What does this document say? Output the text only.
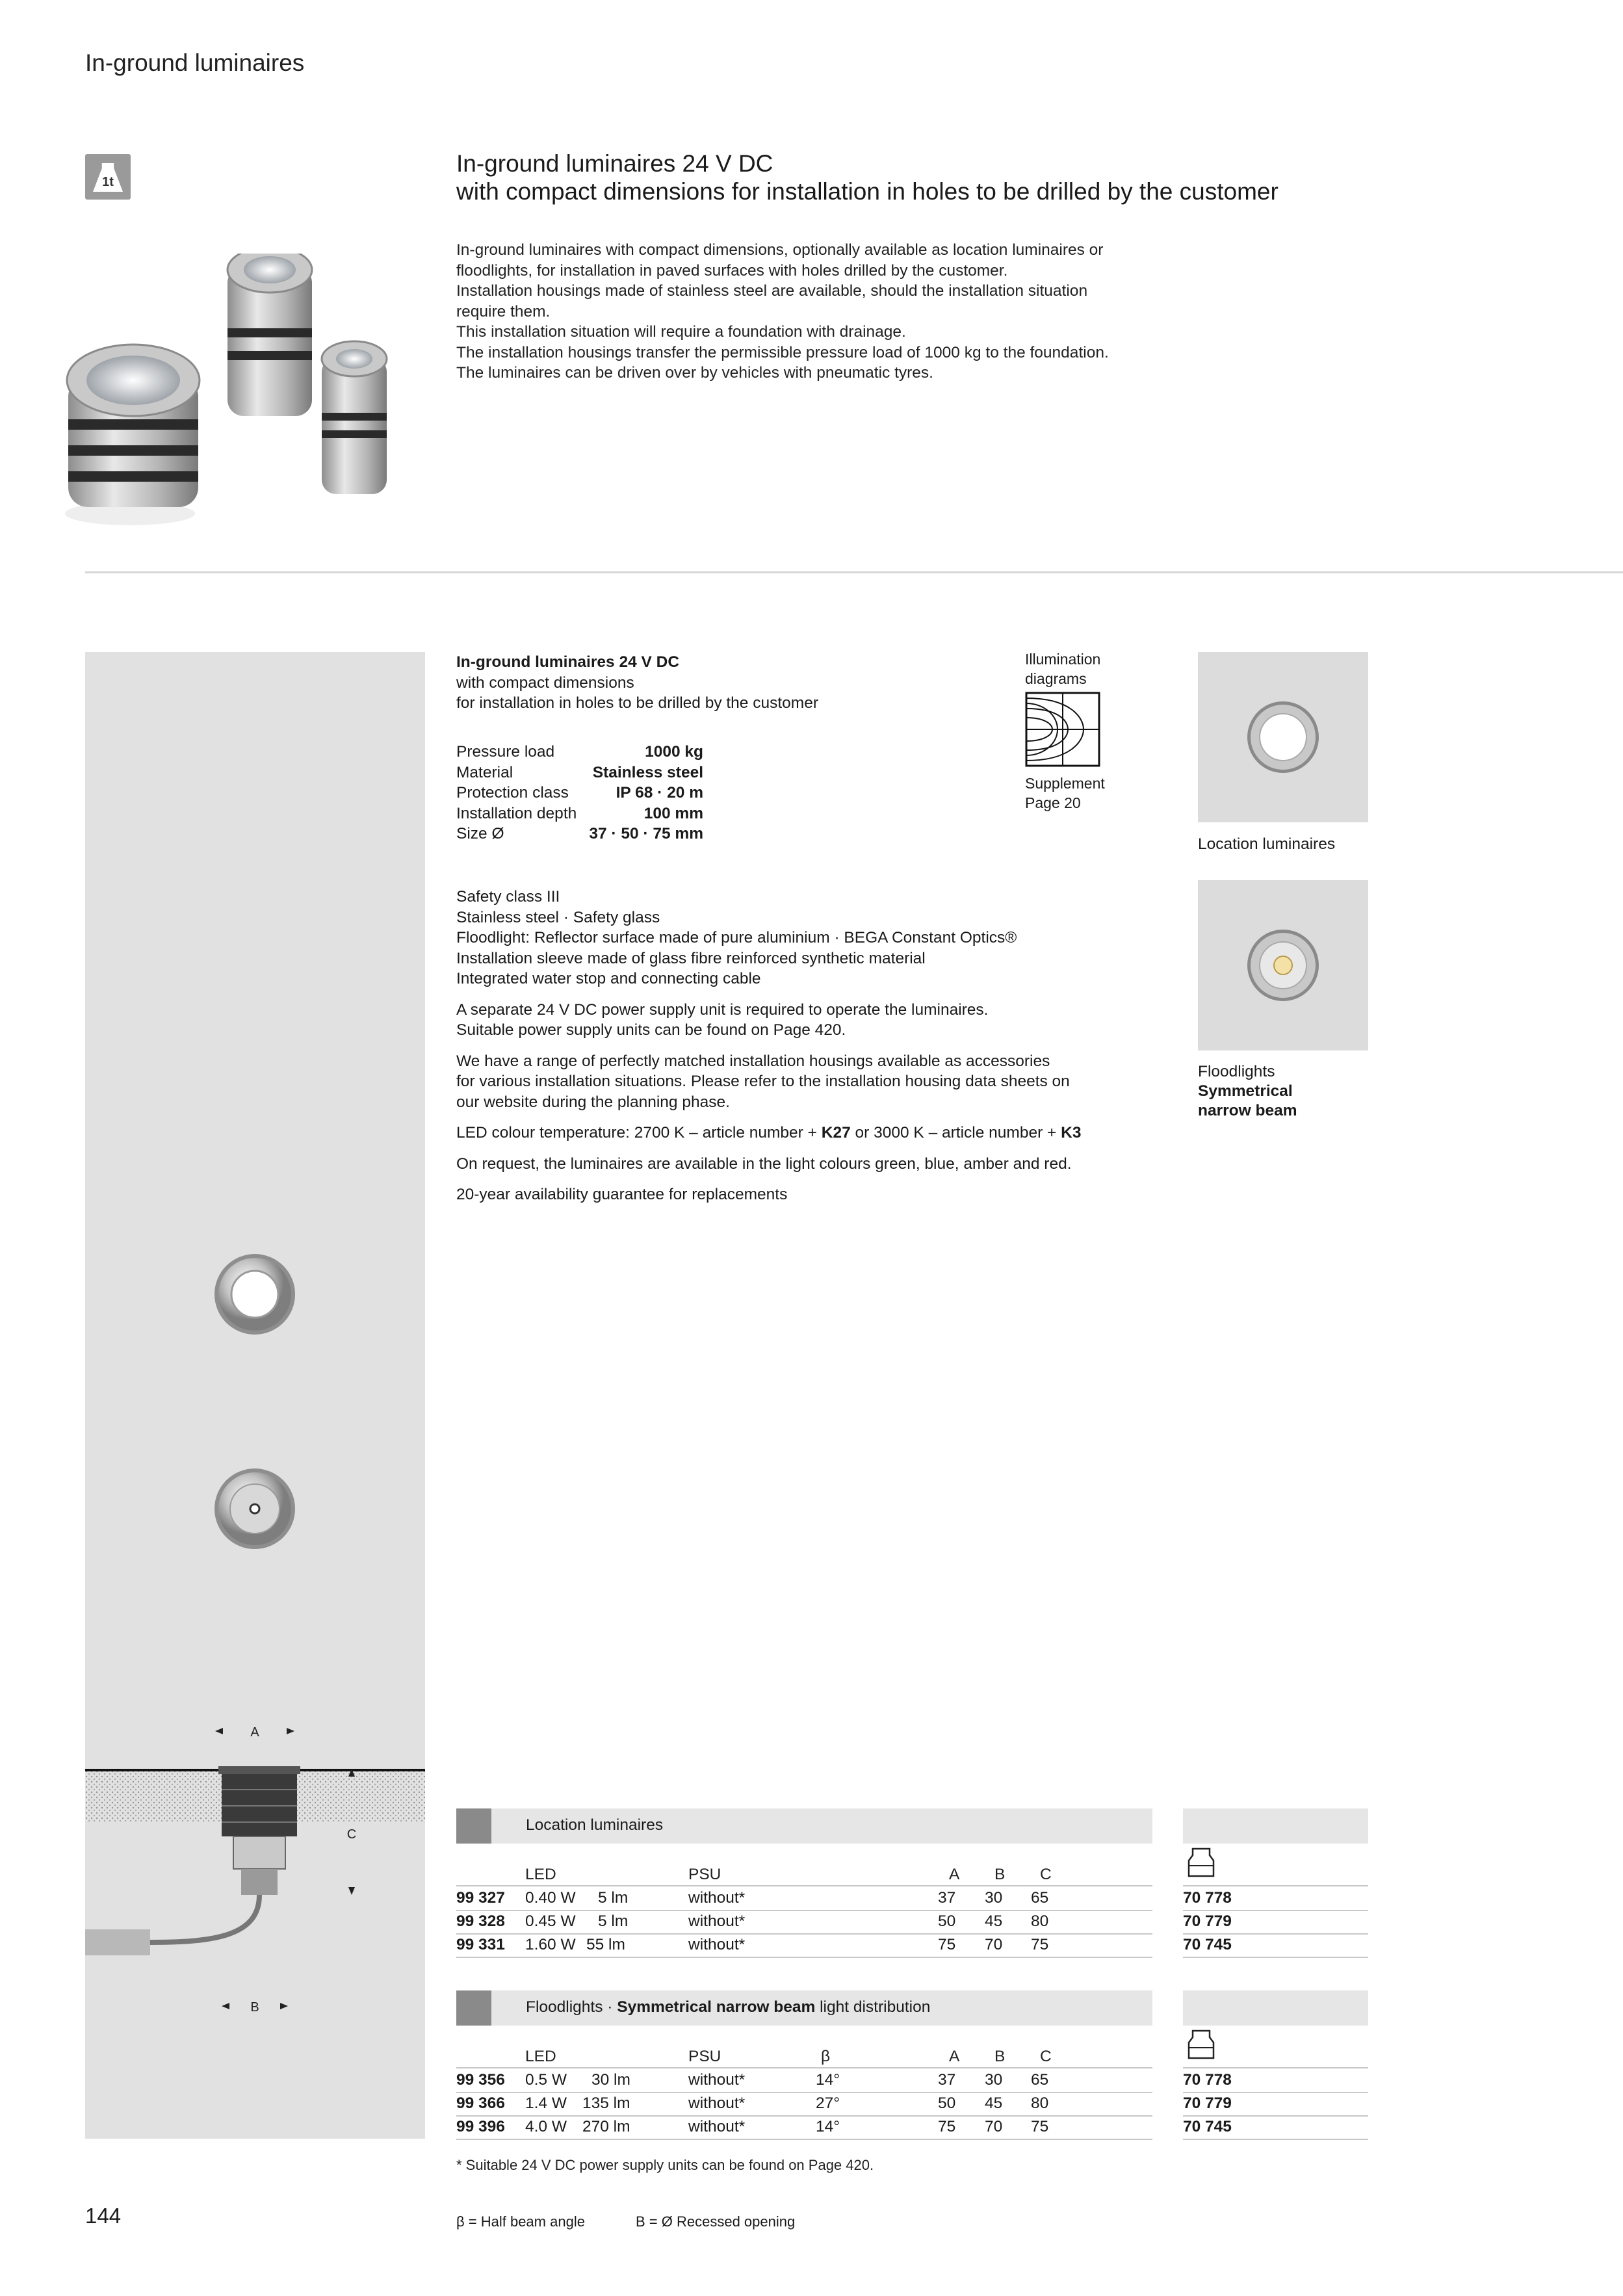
In-ground luminaires
1t
In-ground luminaires 24 V DC
with compact dimensions for installation in holes to be drilled by the customer

In-ground luminaires with compact dimensions, optionally available as location luminaires or

floodlights, for installation in paved surfaces with holes drilled by the customer.

Installation housings made of stainless steel are available, should the installation situation

require them.

This installation situation will require a foundation with drainage.

The installation housings transfer the permissible pressure load of 1000 kg to the foundation.

The luminaires can be driven over by vehicles with pneumatic tyres.

A
C
B
In-ground luminaires 24 V DC
with compact dimensions
for installation in holes to be drilled by the customer
Pressure load	1000 kg
Material	Stainless steel
Protection class	IP 68 · 20 m
Installation depth	100 mm
Size Ø	37 · 50 · 75 mm

Safety class III

Stainless steel · Safety glass

Floodlight: Reflector surface made of pure aluminium · BEGA Constant Optics®

Installation sleeve made of glass fibre reinforced synthetic material

Integrated water stop and connecting cable

A separate 24 V DC power supply unit is required to operate the luminaires.
Suitable power supply units can be found on Page 420.

We have a range of perfectly matched installation housings available as accessories
for various installation situations. Please refer to the installation housing data sheets on
our website during the planning phase.

LED colour temperature: 2700 K – article number + K27 or 3000 K – article number + K3

On request, the luminaires are available in the light colours green, blue, amber and red.

20-year availability guarantee for replacements

Illumination
diagrams
Supplement
Page 20
Location luminaires
Floodlights
Symmetrical
narrow beam
Location luminaires
LED	PSU	A B C
99 327 0.40 W 5 lm	without*	37 30 65
99 328 0.45 W 5 lm	without*	50 45 80
99 331 1.60 W 55 lm	without*	75 70 75
70 778
70 779
70 745
Floodlights · Symmetrical narrow beam light distribution
LED	PSU	β	A B C
99 356 0.5 W 30 lm	without*	14°	37 30 65
99 366 1.4 W 135 lm	without*	27°	50 45 80
99 396 4.0 W 270 lm	without*	14°	75 70 75
70 778
70 779
70 745
* Suitable 24 V DC power supply units can be found on Page 420.
144	β = Half beam angle	B = Ø Recessed opening
